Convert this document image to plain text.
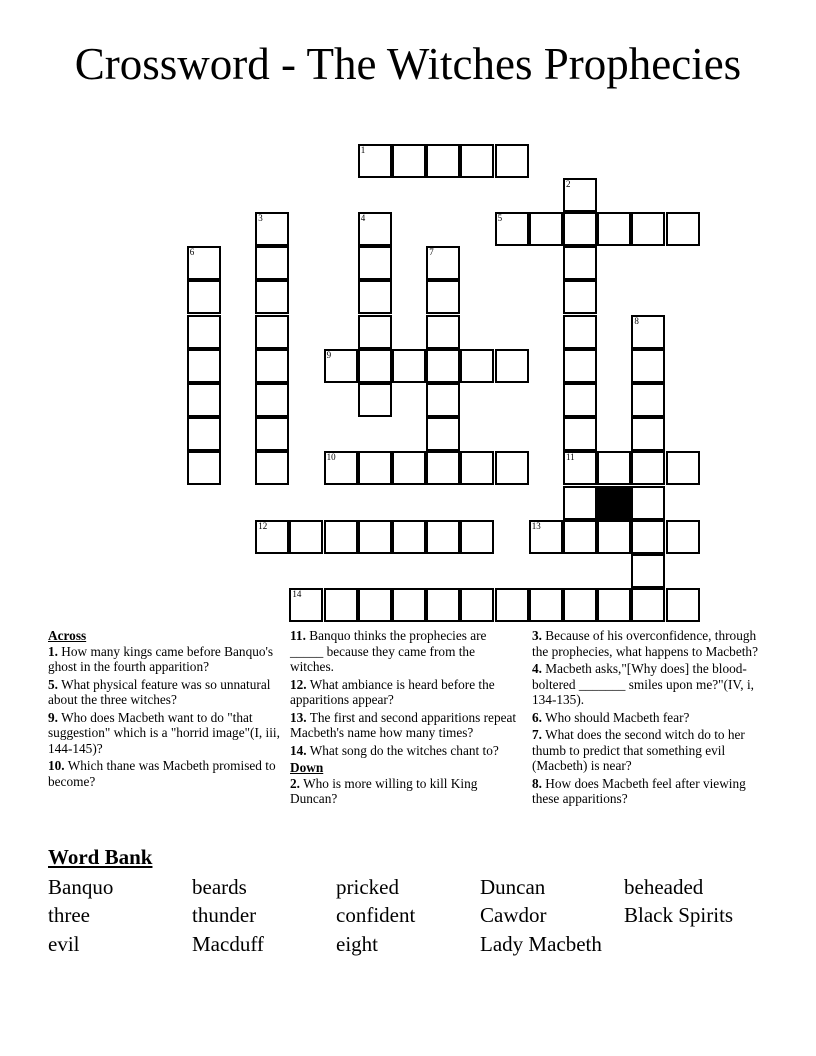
Crossword - The Witches Prophecies
1
2
3	4	5
6	7
8
9
10	11
12	13
14
Across
1. How many kings came before Banquo's ghost in the fourth apparition?
5. What physical feature was so unnatural about the three witches?
9. Who does Macbeth want to do "that suggestion" which is a "horrid image"(I, iii, 144-145)?
10. Which thane was Macbeth promised to become?
11. Banquo thinks the prophecies are _____ because they came from the witches.
12. What ambiance is heard before the apparitions appear?
13. The first and second apparitions repeat Macbeth's name how many times?
14. What song do the witches chant to?
Down
2. Who is more willing to kill King Duncan?
3. Because of his overconfidence, through the prophecies, what happens to Macbeth?
4. Macbeth asks,"[Why does] the blood-boltered _______ smiles upon me?"(IV, i, 134-135).
6. Who should Macbeth fear?
7. What does the second witch do to her thumb to predict that something evil (Macbeth) is near?
8. How does Macbeth feel after viewing these apparitions?
Word Bank
Banquo	beards	pricked	Duncan	beheaded
three	thunder	confident	Cawdor	Black Spirits
evil	Macduff	eight	Lady Macbeth
